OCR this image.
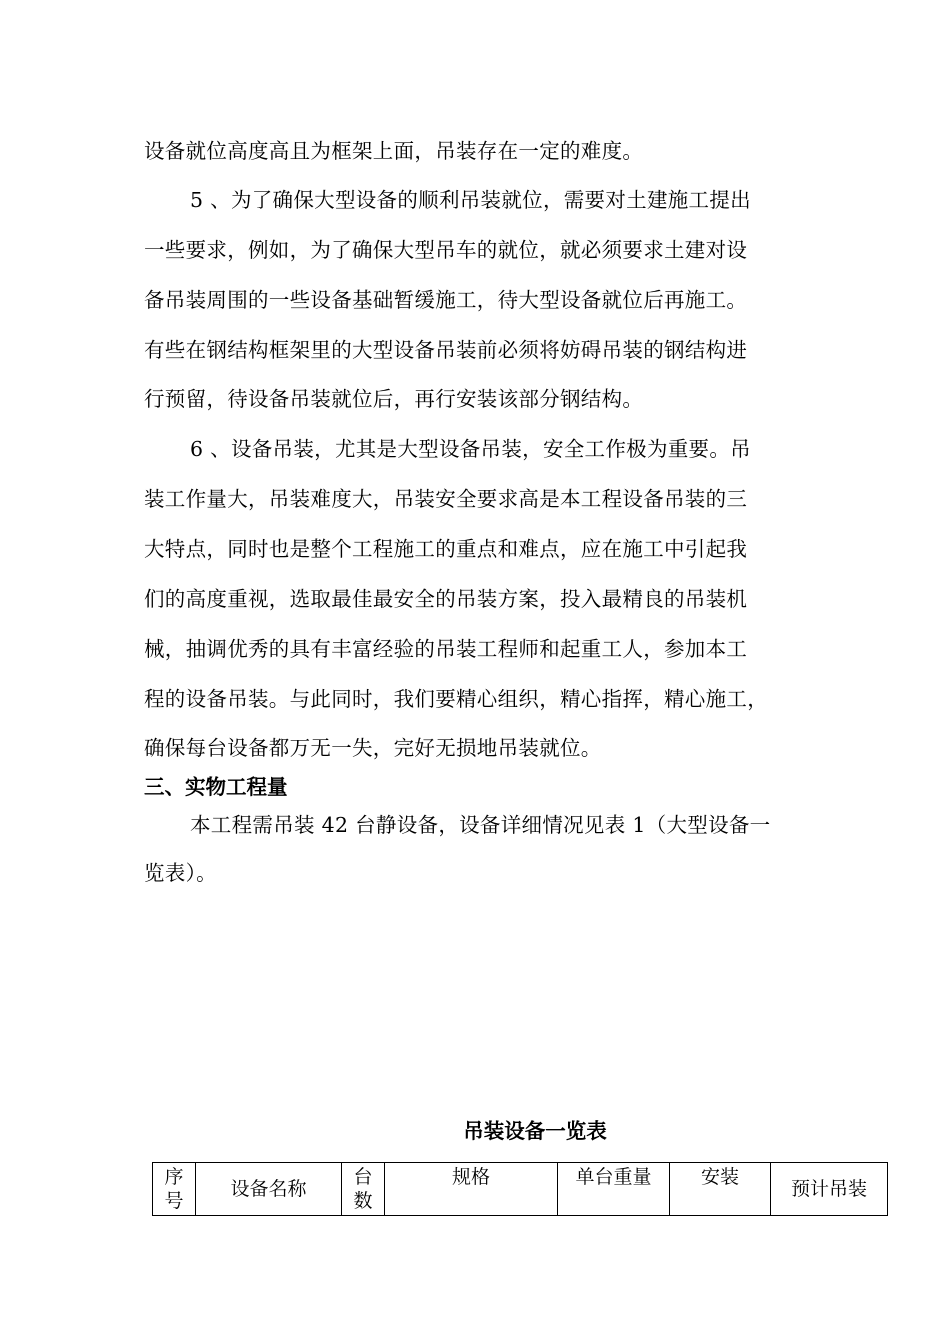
设备就位高度高且为框架上面，吊装存在一定的难度。
5 、为了确保大型设备的顺利吊装就位，需要对土建施工提出
一些要求，例如，为了确保大型吊车的就位，就必须要求土建对设
备吊装周围的一些设备基础暂缓施工，待大型设备就位后再施工。
有些在钢结构框架里的大型设备吊装前必须将妨碍吊装的钢结构进
行预留，待设备吊装就位后，再行安装该部分钢结构。
6 、设备吊装，尤其是大型设备吊装，安全工作极为重要。吊
装工作量大，吊装难度大，吊装安全要求高是本工程设备吊装的三
大特点，同时也是整个工程施工的重点和难点，应在施工中引起我
们的高度重视，选取最佳最安全的吊装方案，投入最精良的吊装机
械，抽调优秀的具有丰富经验的吊装工程师和起重工人，参加本工
程的设备吊装。与此同时，我们要精心组织，精心指挥，精心施工，
确保每台设备都万无一失，完好无损地吊装就位。
三、实物工程量
本工程需吊装 42 台静设备，设备详细情况见表 1（大型设备一
览表）。
吊装设备一览表
序号	设备名称	台数	规格	单台重量	安装	预计吊装
